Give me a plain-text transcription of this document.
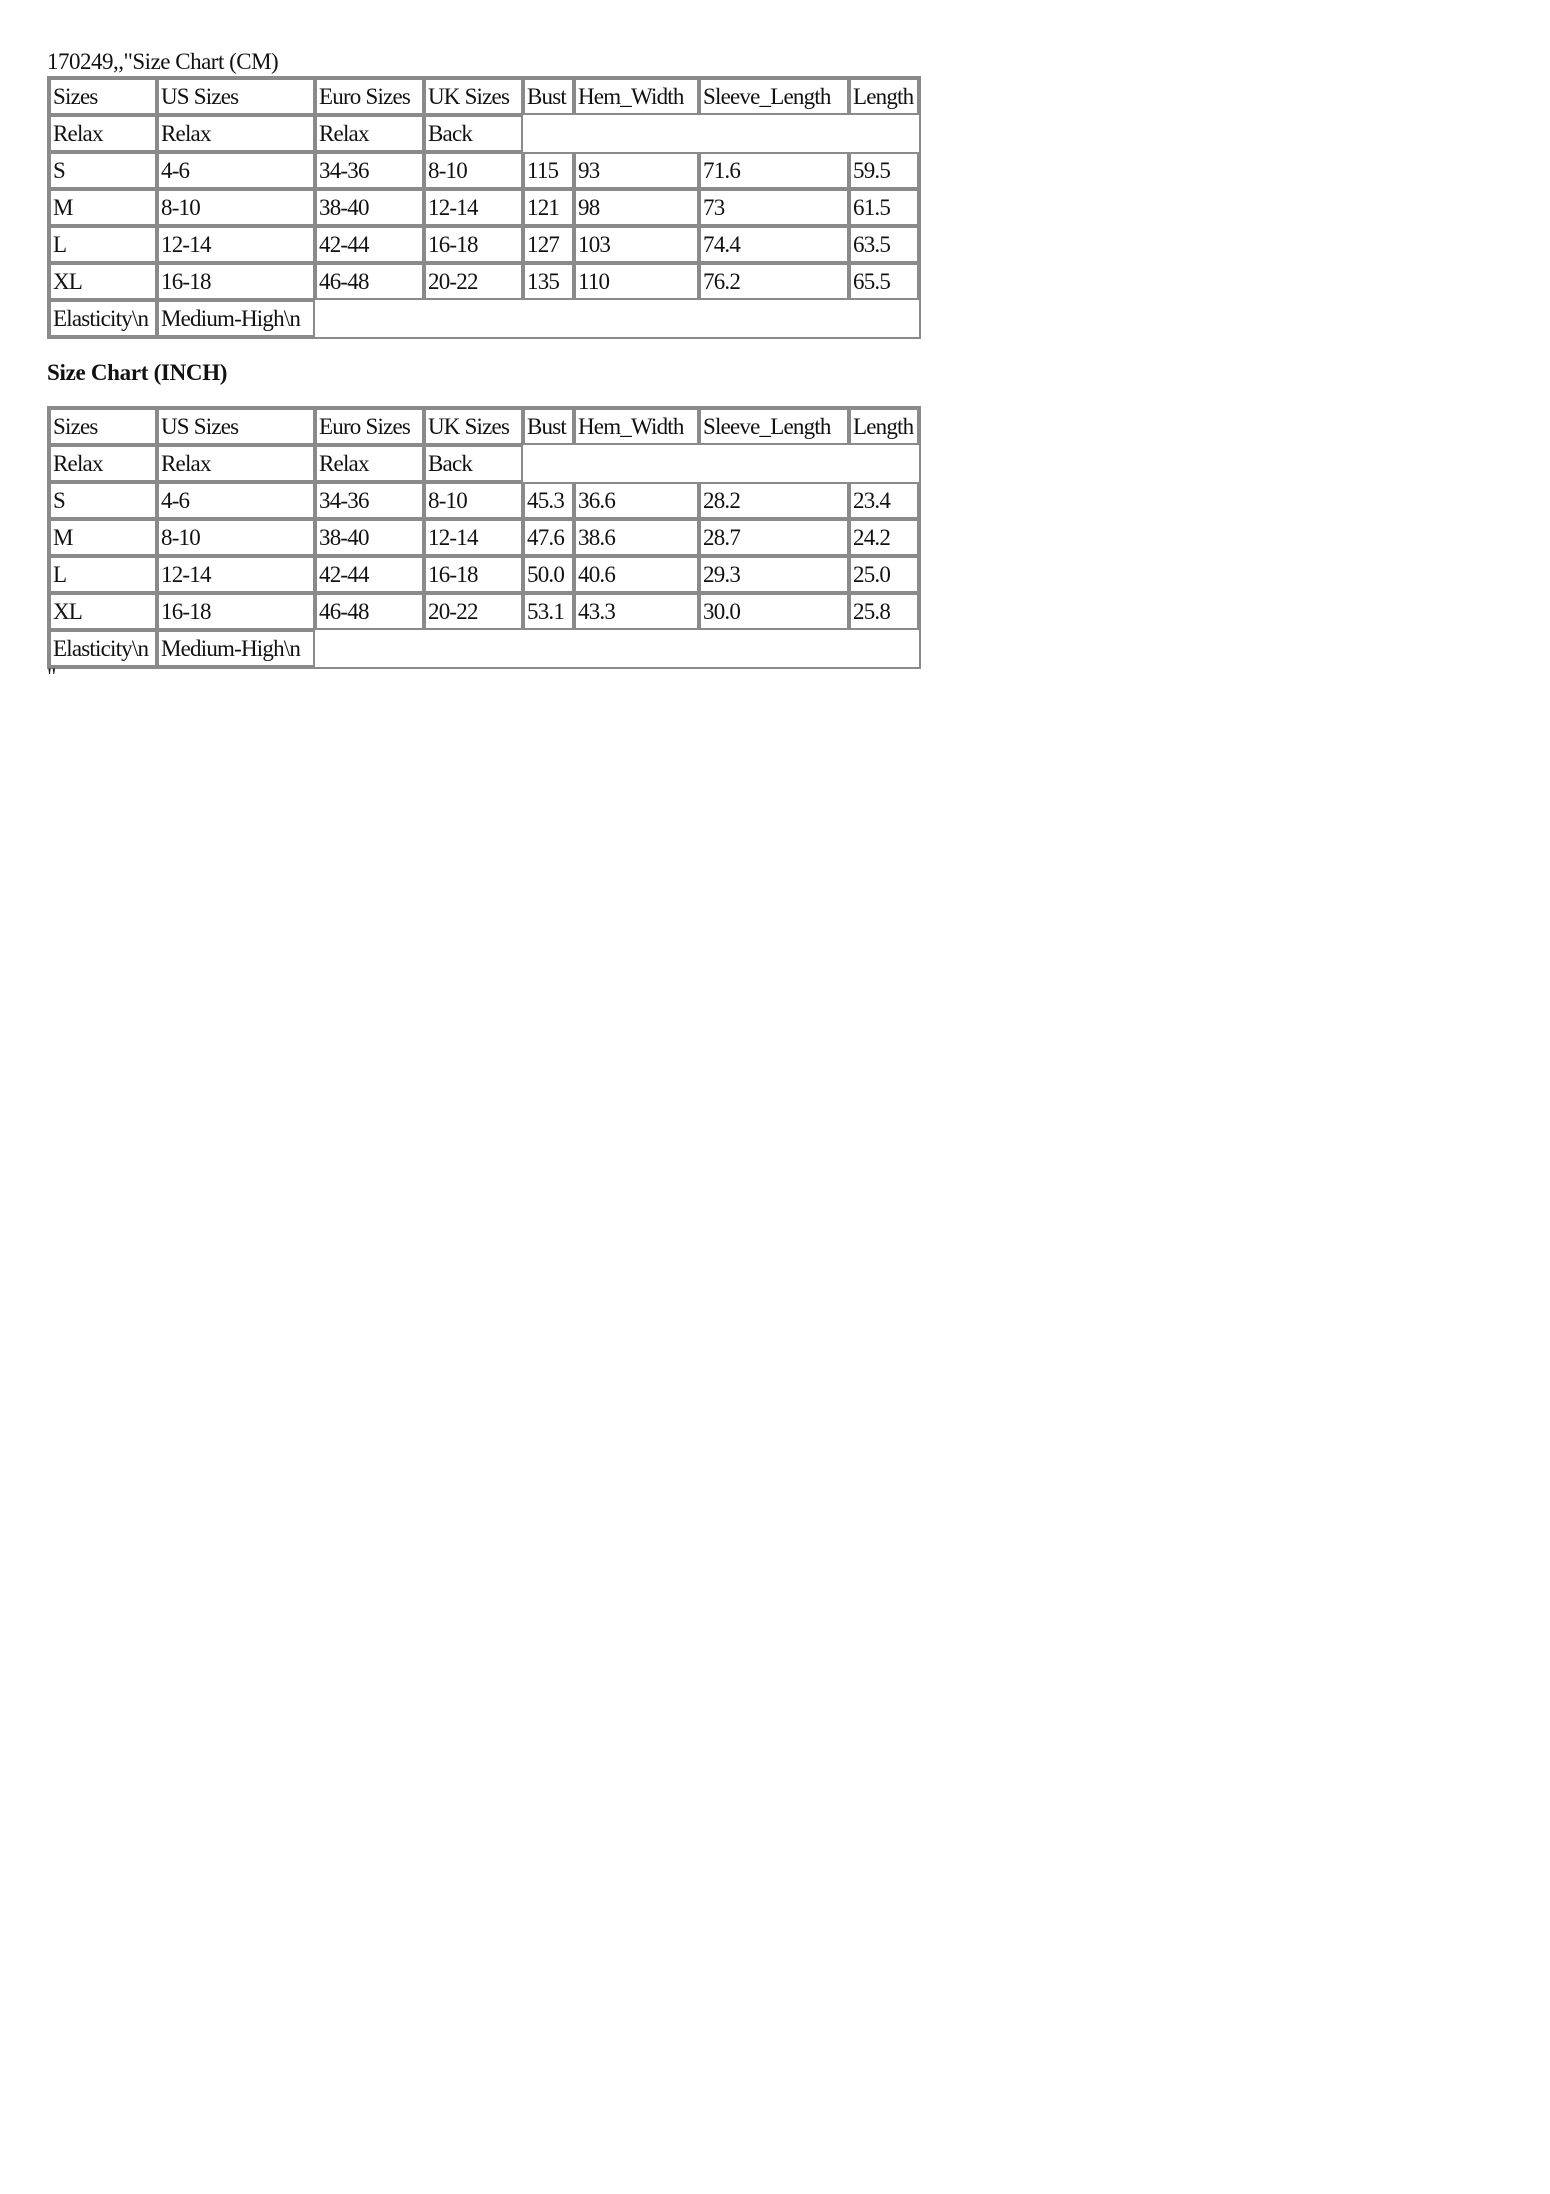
170249,,"Size Chart (CM)
Sizes	US Sizes	Euro Sizes	UK Sizes	Bust	Hem_Width	Sleeve_Length	Length
Relax	Relax	Relax	Back				
S	4-6	34-36	8-10	115	93	71.6	59.5
M	8-10	38-40	12-14	121	98	73	61.5
L	12-14	42-44	16-18	127	103	74.4	63.5
XL	16-18	46-48	20-22	135	110	76.2	65.5
Elasticity\n	Medium-High\n						
Size Chart (INCH)
Sizes	US Sizes	Euro Sizes	UK Sizes	Bust	Hem_Width	Sleeve_Length	Length
Relax	Relax	Relax	Back				
S	4-6	34-36	8-10	45.3	36.6	28.2	23.4
M	8-10	38-40	12-14	47.6	38.6	28.7	24.2
L	12-14	42-44	16-18	50.0	40.6	29.3	25.0
XL	16-18	46-48	20-22	53.1	43.3	30.0	25.8
Elasticity\n	Medium-High\n						
"
